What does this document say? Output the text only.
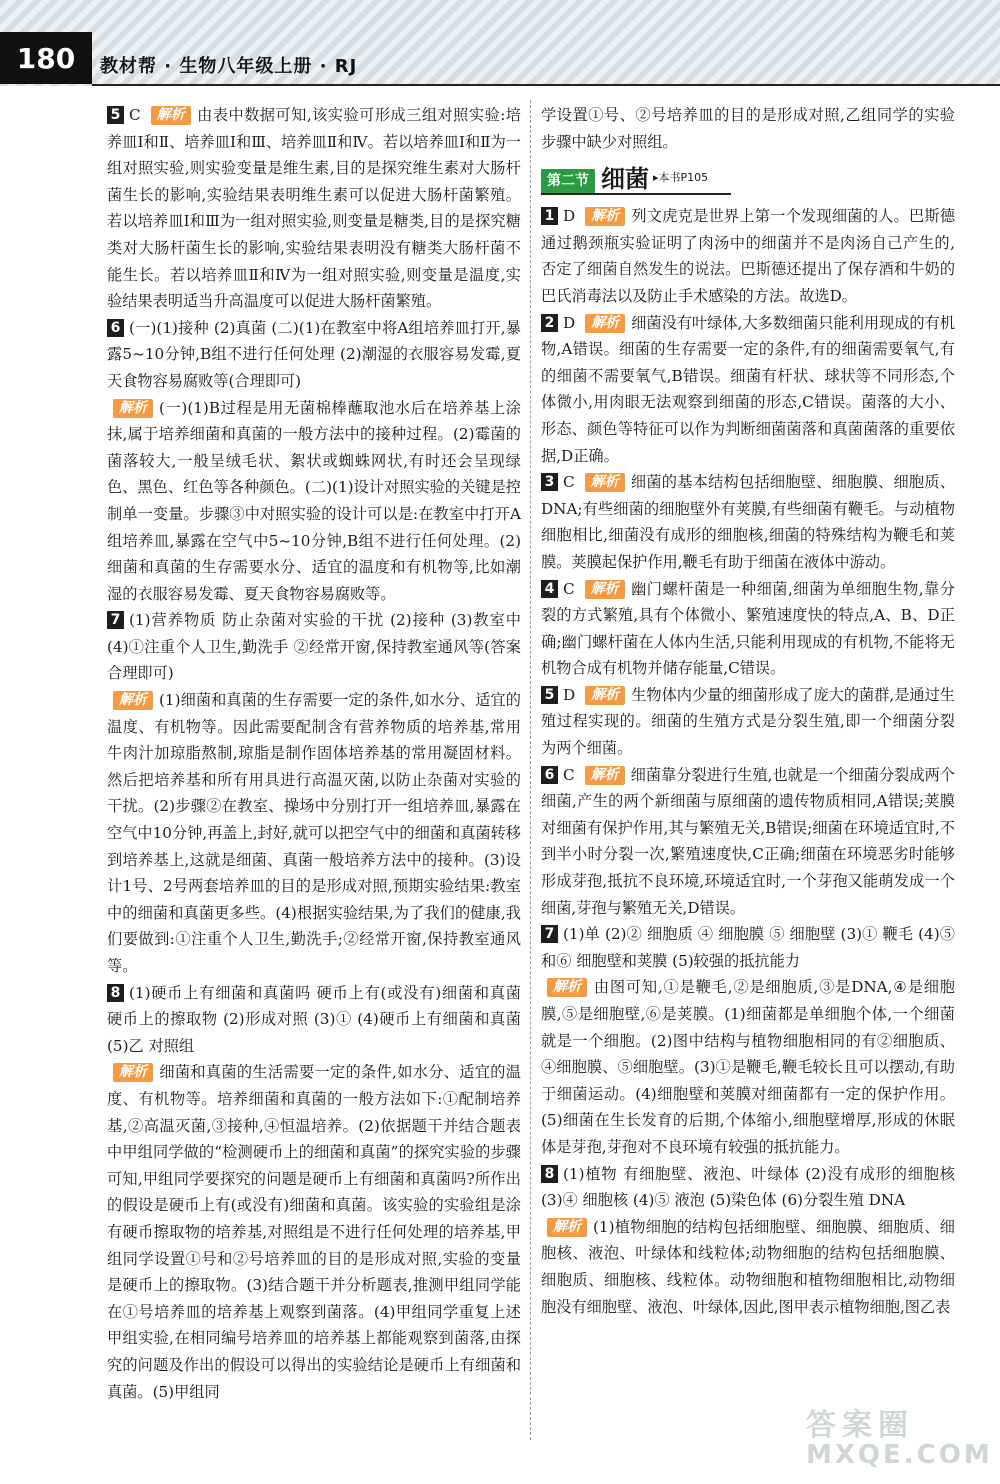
180	教材帮 · 生物八年级上册 · RJ
5 C 解析 由表中数据可知,该实验可形成三组对照实验:培养皿Ⅰ和Ⅱ、培养皿Ⅰ和Ⅲ、培养皿Ⅱ和Ⅳ。若以培养皿Ⅰ和Ⅱ为一组对照实验,则实验变量是维生素,目的是探究维生素对大肠杆菌生长的影响,实验结果表明维生素可以促进大肠杆菌繁殖。若以培养皿Ⅰ和Ⅲ为一组对照实验,则变量是糖类,目的是探究糖类对大肠杆菌生长的影响,实验结果表明没有糖类大肠杆菌不能生长。若以培养皿Ⅱ和Ⅳ为一组对照实验,则变量是温度,实验结果表明适当升高温度可以促进大肠杆菌繁殖。
6 (一)(1)接种 (2)真菌 (二)(1)在教室中将A组培养皿打开,暴露5~10分钟,B组不进行任何处理 (2)潮湿的衣服容易发霉,夏天食物容易腐败等(合理即可)
解析 (一)(1)B过程是用无菌棉棒蘸取池水后在培养基上涂抹,属于培养细菌和真菌的一般方法中的接种过程。(2)霉菌的菌落较大,一般呈绒毛状、絮状或蜘蛛网状,有时还会呈现绿色、黑色、红色等各种颜色。(二)(1)设计对照实验的关键是控制单一变量。步骤③中对照实验的设计可以是:在教室中打开A组培养皿,暴露在空气中5~10分钟,B组不进行任何处理。(2)细菌和真菌的生存需要水分、适宜的温度和有机物等,比如潮湿的衣服容易发霉、夏天食物容易腐败等。
7 (1)营养物质 防止杂菌对实验的干扰 (2)接种 (3)教室中 (4)①注重个人卫生,勤洗手 ②经常开窗,保持教室通风等(答案合理即可)
解析 (1)细菌和真菌的生存需要一定的条件,如水分、适宜的温度、有机物等。因此需要配制含有营养物质的培养基,常用牛肉汁加琼脂熬制,琼脂是制作固体培养基的常用凝固材料。然后把培养基和所有用具进行高温灭菌,以防止杂菌对实验的干扰。(2)步骤②在教室、操场中分别打开一组培养皿,暴露在空气中10分钟,再盖上,封好,就可以把空气中的细菌和真菌转移到培养基上,这就是细菌、真菌一般培养方法中的接种。(3)设计1号、2号两套培养皿的目的是形成对照,预期实验结果:教室中的细菌和真菌更多些。(4)根据实验结果,为了我们的健康,我们要做到:①注重个人卫生,勤洗手;②经常开窗,保持教室通风等。
8 (1)硬币上有细菌和真菌吗 硬币上有(或没有)细菌和真菌 硬币上的擦取物 (2)形成对照 (3)① (4)硬币上有细菌和真菌 (5)乙 对照组
解析 细菌和真菌的生活需要一定的条件,如水分、适宜的温度、有机物等。培养细菌和真菌的一般方法如下:①配制培养基,②高温灭菌,③接种,④恒温培养。(2)依据题干并结合题表中甲组同学做的“检测硬币上的细菌和真菌”的探究实验的步骤可知,甲组同学要探究的问题是硬币上有细菌和真菌吗?所作出的假设是硬币上有(或没有)细菌和真菌。该实验的实验组是涂有硬币擦取物的培养基,对照组是不进行任何处理的培养基,甲组同学设置①号和②号培养皿的目的是形成对照,实验的变量是硬币上的擦取物。(3)结合题干并分析题表,推测甲组同学能在①号培养皿的培养基上观察到菌落。(4)甲组同学重复上述甲组实验,在相同编号培养皿的培养基上都能观察到菌落,由探究的问题及作出的假设可以得出的实验结论是硬币上有细菌和真菌。(5)甲组同
学设置①号、②号培养皿的目的是形成对照,乙组同学的实验步骤中缺少对照组。
第二节 细菌 ▸本书P105
1 D 解析 列文虎克是世界上第一个发现细菌的人。巴斯德通过鹅颈瓶实验证明了肉汤中的细菌并不是肉汤自己产生的,否定了细菌自然发生的说法。巴斯德还提出了保存酒和牛奶的巴氏消毒法以及防止手术感染的方法。故选D。
2 D 解析 细菌没有叶绿体,大多数细菌只能利用现成的有机物,A错误。细菌的生存需要一定的条件,有的细菌需要氧气,有的细菌不需要氧气,B错误。细菌有杆状、球状等不同形态,个体微小,用肉眼无法观察到细菌的形态,C错误。菌落的大小、形态、颜色等特征可以作为判断细菌菌落和真菌菌落的重要依据,D正确。
3 C 解析 细菌的基本结构包括细胞壁、细胞膜、细胞质、DNA;有些细菌的细胞壁外有荚膜,有些细菌有鞭毛。与动植物细胞相比,细菌没有成形的细胞核,细菌的特殊结构为鞭毛和荚膜。荚膜起保护作用,鞭毛有助于细菌在液体中游动。
4 C 解析 幽门螺杆菌是一种细菌,细菌为单细胞生物,靠分裂的方式繁殖,具有个体微小、繁殖速度快的特点,A、B、D正确;幽门螺杆菌在人体内生活,只能利用现成的有机物,不能将无机物合成有机物并储存能量,C错误。
5 D 解析 生物体内少量的细菌形成了庞大的菌群,是通过生殖过程实现的。细菌的生殖方式是分裂生殖,即一个细菌分裂为两个细菌。
6 C 解析 细菌靠分裂进行生殖,也就是一个细菌分裂成两个细菌,产生的两个新细菌与原细菌的遗传物质相同,A错误;荚膜对细菌有保护作用,其与繁殖无关,B错误;细菌在环境适宜时,不到半小时分裂一次,繁殖速度快,C正确;细菌在环境恶劣时能够形成芽孢,抵抗不良环境,环境适宜时,一个芽孢又能萌发成一个细菌,芽孢与繁殖无关,D错误。
7 (1)单 (2)② 细胞质 ④ 细胞膜 ⑤ 细胞壁 (3)① 鞭毛 (4)⑤和⑥ 细胞壁和荚膜 (5)较强的抵抗能力
解析 由图可知,①是鞭毛,②是细胞质,③是DNA,④是细胞膜,⑤是细胞壁,⑥是荚膜。(1)细菌都是单细胞个体,一个细菌就是一个细胞。(2)图中结构与植物细胞相同的有②细胞质、④细胞膜、⑤细胞壁。(3)①是鞭毛,鞭毛较长且可以摆动,有助于细菌运动。(4)细胞壁和荚膜对细菌都有一定的保护作用。(5)细菌在生长发育的后期,个体缩小,细胞壁增厚,形成的休眠体是芽孢,芽孢对不良环境有较强的抵抗能力。
8 (1)植物 有细胞壁、液泡、叶绿体 (2)没有成形的细胞核 (3)④ 细胞核 (4)⑤ 液泡 (5)染色体 (6)分裂生殖 DNA
解析 (1)植物细胞的结构包括细胞壁、细胞膜、细胞质、细胞核、液泡、叶绿体和线粒体;动物细胞的结构包括细胞膜、细胞质、细胞核、线粒体。动物细胞和植物细胞相比,动物细胞没有细胞壁、液泡、叶绿体,因此,图甲表示植物细胞,图乙表
答案圈
MXQE.COM
